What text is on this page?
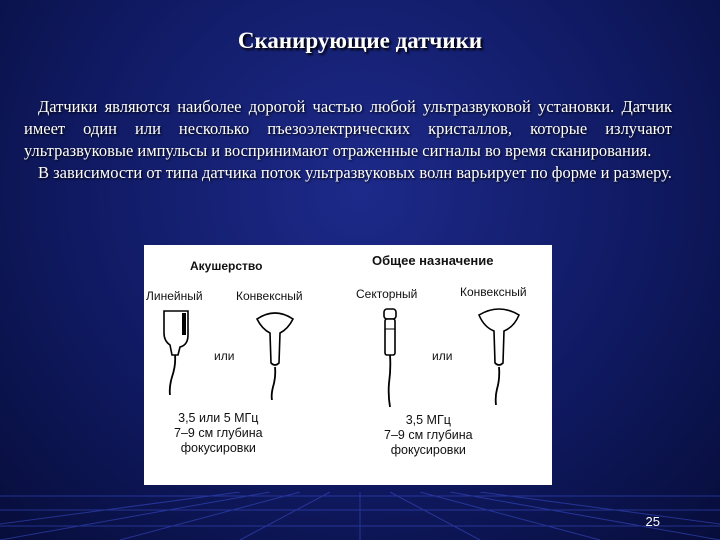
Сканирующие датчики

Датчики являются наиболее дорогой частью любой ультразвуковой установки. Датчик имеет один или несколько пъезоэлектрических кристаллов, которые излучают ультразвуковые импульсы и воспринимают отраженные сигналы во время сканирования.

В зависимости от типа датчика поток ультразвуковых волн варьирует по форме и размеру.

Акушерство
Линейный	Конвексный
или
3,5 или 5 МГц
7–9 см глубина
фокусировки
Общее назначение
Секторный	Конвексный
или
3,5 МГц
7–9 см глубина
фокусировки
25
